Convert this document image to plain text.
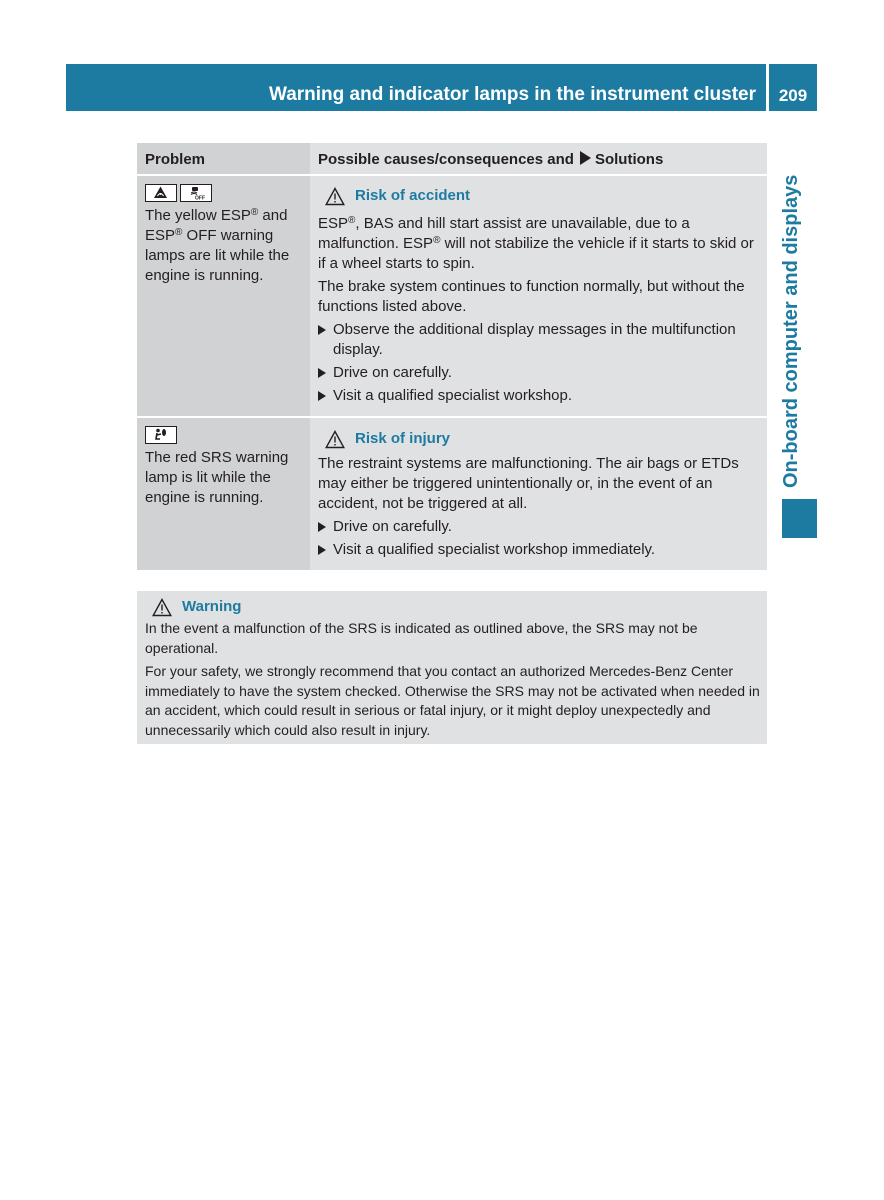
Warning and indicator lamps in the instrument cluster	209
On-board computer and displays
Problem	Possible causes/consequences and Solutions
OFF
The yellow ESP® and ESP® OFF warning lamps are lit while the engine is running.
Risk of accident

ESP®, BAS and hill start assist are unavailable, due to a malfunction. ESP® will not stabilize the vehicle if it starts to skid or if a wheel starts to spin.

The brake system continues to function normally, but without the functions listed above.

Observe the additional display messages in the multifunction display.
Drive on carefully.
Visit a qualified specialist workshop.
The red SRS warning lamp is lit while the engine is running.
Risk of injury

The restraint systems are malfunctioning. The air bags or ETDs may either be triggered unintentionally or, in the event of an accident, not be triggered at all.

Drive on carefully.
Visit a qualified specialist workshop immediately.
Warning

In the event a malfunction of the SRS is indicated as outlined above, the SRS may not be operational.

For your safety, we strongly recommend that you contact an authorized Mercedes-Benz Center immediately to have the system checked. Otherwise the SRS may not be activated when needed in an accident, which could result in serious or fatal injury, or it might deploy unexpectedly and unnecessarily which could also result in injury.
